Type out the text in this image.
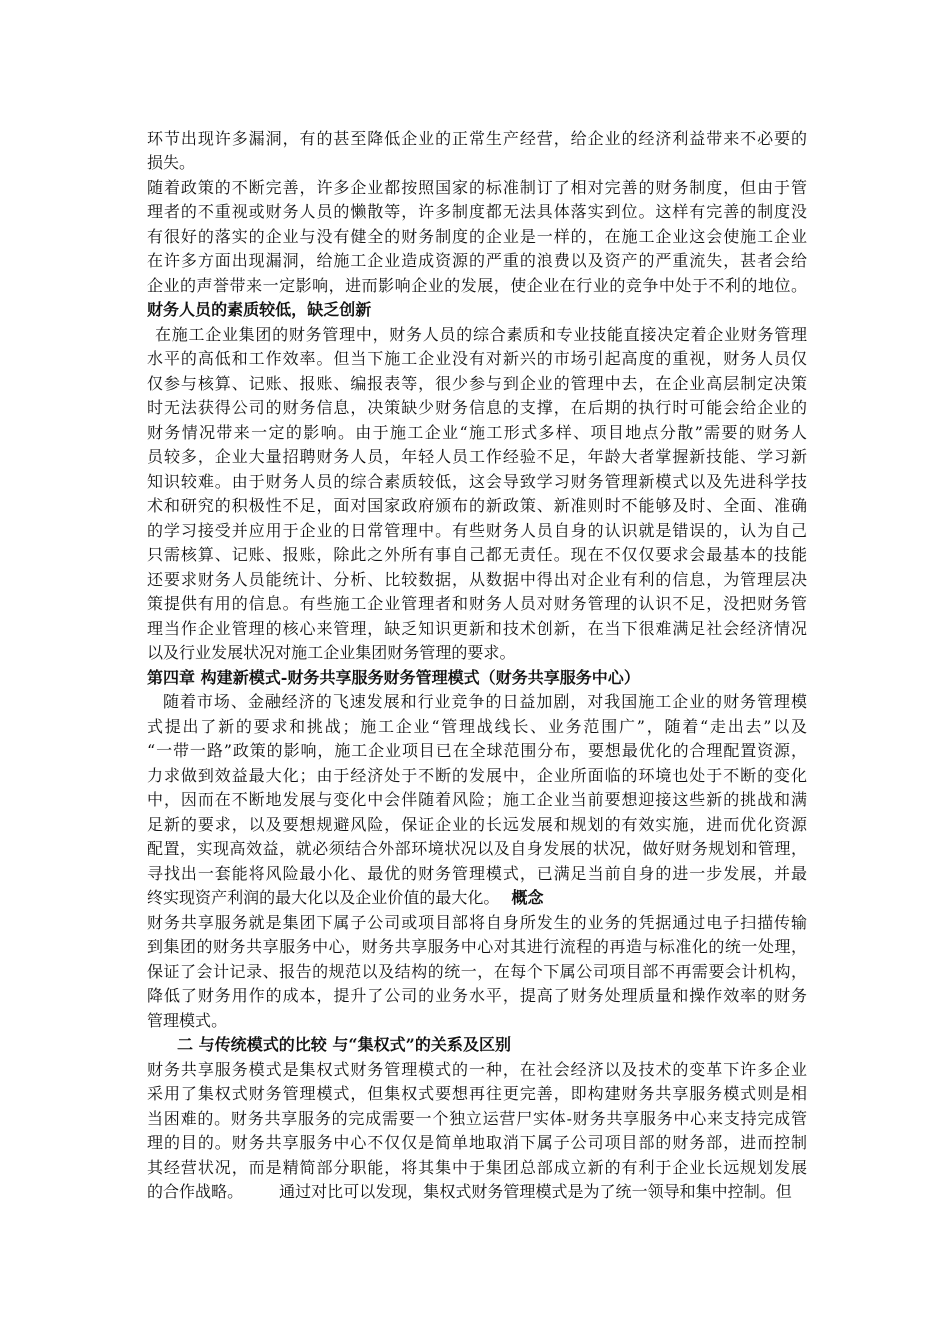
环节出现许多漏洞，有的甚至降低企业的正常生产经营，给企业的经济利益带来不必要的
损失。
随着政策的不断完善，许多企业都按照国家的标准制订了相对完善的财务制度，但由于管
理者的不重视或财务人员的懒散等，许多制度都无法具体落实到位。这样有完善的制度没
有很好的落实的企业与没有健全的财务制度的企业是一样的，在施工企业这会使施工企业
在许多方面出现漏洞，给施工企业造成资源的严重的浪费以及资产的严重流失，甚者会给
企业的声誉带来一定影响，进而影响企业的发展，使企业在行业的竞争中处于不利的地位。
财务人员的素质较低，缺乏创新
在施工企业集团的财务管理中，财务人员的综合素质和专业技能直接决定着企业财务管理
水平的高低和工作效率。但当下施工企业没有对新兴的市场引起高度的重视，财务人员仅
仅参与核算、记账、报账、编报表等，很少参与到企业的管理中去，在企业高层制定决策
时无法获得公司的财务信息，决策缺少财务信息的支撑，在后期的执行时可能会给企业的
财务情况带来一定的影响。由于施工企业“施工形式多样、项目地点分散”需要的财务人
员较多，企业大量招聘财务人员，年轻人员工作经验不足，年龄大者掌握新技能、学习新
知识较难。由于财务人员的综合素质较低，这会导致学习财务管理新模式以及先进科学技
术和研究的积极性不足，面对国家政府颁布的新政策、新准则时不能够及时、全面、准确
的学习接受并应用于企业的日常管理中。有些财务人员自身的认识就是错误的，认为自己
只需核算、记账、报账，除此之外所有事自己都无责任。现在不仅仅要求会最基本的技能
还要求财务人员能统计、分析、比较数据，从数据中得出对企业有利的信息，为管理层决
策提供有用的信息。有些施工企业管理者和财务人员对财务管理的认识不足，没把财务管
理当作企业管理的核心来管理，缺乏知识更新和技术创新，在当下很难满足社会经济情况
以及行业发展状况对施工企业集团财务管理的要求。
第四章 构建新模式-财务共享服务财务管理模式（财务共享服务中心）
随着市场、金融经济的飞速发展和行业竞争的日益加剧，对我国施工企业的财务管理模
式提出了新的要求和挑战；施工企业“管理战线长、业务范围广”，随着“走出去”以及
“一带一路”政策的影响，施工企业项目已在全球范围分布，要想最优化的合理配置资源，
力求做到效益最大化；由于经济处于不断的发展中，企业所面临的环境也处于不断的变化
中，因而在不断地发展与变化中会伴随着风险；施工企业当前要想迎接这些新的挑战和满
足新的要求，以及要想规避风险，保证企业的长远发展和规划的有效实施，进而优化资源
配置，实现高效益，就必须结合外部环境状况以及自身发展的状况，做好财务规划和管理，
寻找出一套能将风险最小化、最优的财务管理模式，已满足当前自身的进一步发展，并最
终实现资产利润的最大化以及企业价值的最大化。 概念
财务共享服务就是集团下属子公司或项目部将自身所发生的业务的凭据通过电子扫描传输
到集团的财务共享服务中心，财务共享服务中心对其进行流程的再造与标准化的统一处理，
保证了会计记录、报告的规范以及结构的统一，在每个下属公司项目部不再需要会计机构，
降低了财务用作的成本，提升了公司的业务水平，提高了财务处理质量和操作效率的财务
管理模式。
二 与传统模式的比较 与“集权式”的关系及区别
财务共享服务模式是集权式财务管理模式的一种，在社会经济以及技术的变革下许多企业
采用了集权式财务管理模式，但集权式要想再往更完善，即构建财务共享服务模式则是相
当困难的。财务共享服务的完成需要一个独立运营尸实体-财务共享服务中心来支持完成管
理的目的。财务共享服务中心不仅仅是简单地取消下属子公司项目部的财务部，进而控制
其经营状况，而是精简部分职能，将其集中于集团总部成立新的有利于企业长远规划发展
的合作战略。 通过对比可以发现，集权式财务管理模式是为了统一领导和集中控制。但
